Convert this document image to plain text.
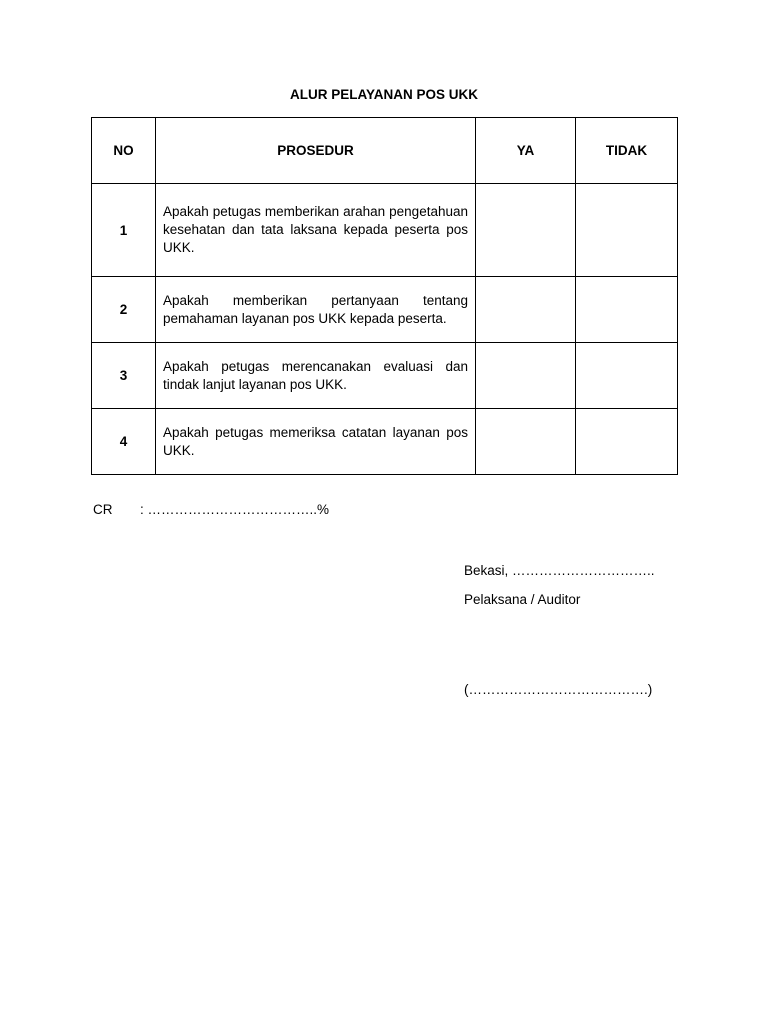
ALUR PELAYANAN POS UKK
NO	PROSEDUR	YA	TIDAK
1	Apakah petugas memberikan arahan pengetahuan kesehatan dan tata laksana kepada peserta pos UKK.		
2	Apakah memberikan pertanyaan tentang pemahaman layanan pos UKK kepada peserta.		
3	Apakah petugas merencanakan evaluasi dan tindak lanjut layanan pos UKK.		
4	Apakah petugas memeriksa catatan layanan pos UKK.		
CR : ………………………………..%
Bekasi, …………………………..
Pelaksana / Auditor
(………………………………….)
